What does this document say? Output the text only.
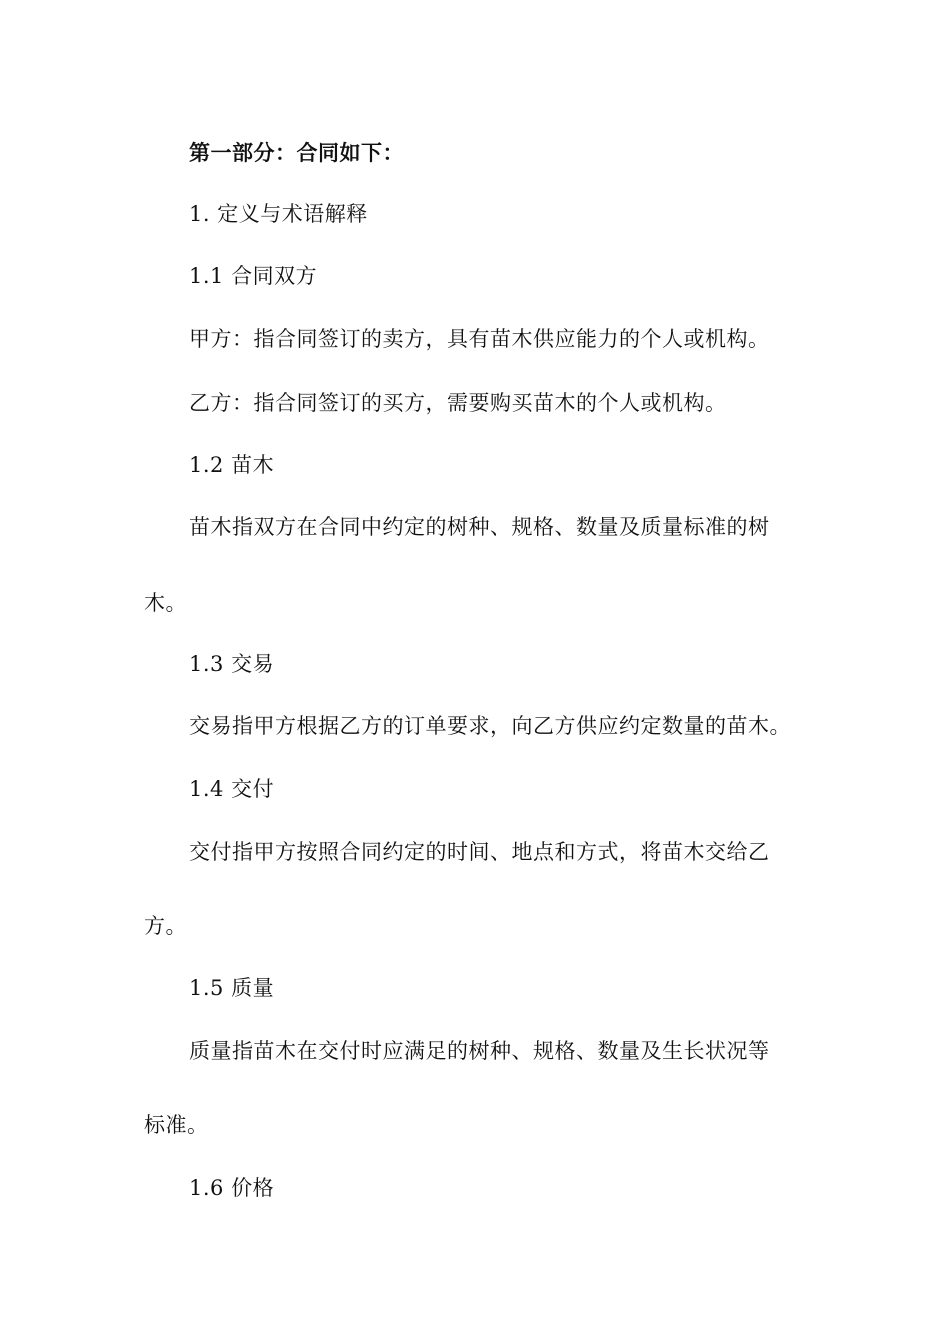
第一部分：合同如下：
1. 定义与术语解释
1.1 合同双方
甲方：指合同签订的卖方，具有苗木供应能力的个人或机构。
乙方：指合同签订的买方，需要购买苗木的个人或机构。
1.2 苗木
苗木指双方在合同中约定的树种、规格、数量及质量标准的树
木。
1.3 交易
交易指甲方根据乙方的订单要求，向乙方供应约定数量的苗木。
1.4 交付
交付指甲方按照合同约定的时间、地点和方式，将苗木交给乙
方。
1.5 质量
质量指苗木在交付时应满足的树种、规格、数量及生长状况等
标准。
1.6 价格
